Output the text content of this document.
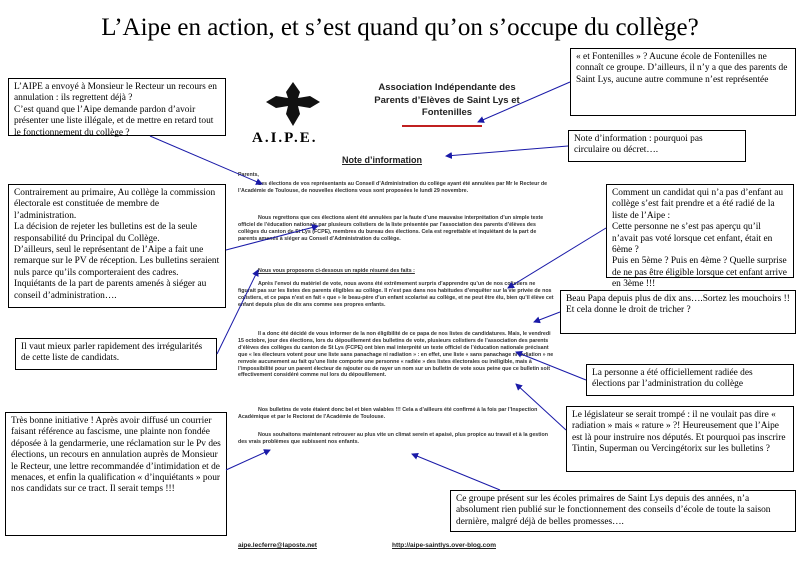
L’Aipe en action, et s’est quand qu’on s’occupe du collège?
A.I.P.E.
Association Indépendante des
Parents d’Elèves de Saint Lys et
Fontenilles
Note d’information
Parents,
Les élections de vos représentants au Conseil d’Administration du collège ayant été annulées par Mr le Recteur de l’Académie de Toulouse, de nouvelles élections vous sont proposées le lundi 29 novembre.
Nous regrettons que ces élections aient été annulées par la faute d’une mauvaise interprétation d’un simple texte officiel de l’éducation nationale par plusieurs colistiers de la liste présentée par l’association des parents d’élèves des collèges du canton de St Lys (FCPE), membres du bureau des élections. Cela est regrettable et inquiétant de la part de parents amenés à siéger au Conseil d’Administration du collège.
Nous vous proposons ci-dessous un rapide résumé des faits :
Après l’envoi du matériel de vote, nous avons été extrêmement surpris d’apprendre qu’un de nos colistiers ne figurait pas sur les listes des parents éligibles au collège. Il n’est pas dans nos habitudes d’enquêter sur la vie privée de nos colistiers, et ce papa n’est en fait « que » le beau-père d’un enfant scolarisé au collège, et ne peut être élu, bien qu’il élève cet enfant depuis plus de dix ans comme ses propres enfants.
Il a donc été décidé de vous informer de la non éligibilité de ce papa de nos listes de candidatures. Mais, le vendredi 15 octobre, jour des élections, lors du dépouillement des bulletins de vote, plusieurs colistiers de l’association des parents d’élèves des collèges du canton de St Lys (FCPE) ont bien mal interprété un texte officiel de l’éducation nationale précisant que « les électeurs votent pour une liste sans panachage ni radiation » : en effet, une liste « sans panachage ni radiation » ne renvoie aucunement au fait qu’une liste comporte une personne « radiée » des listes électorales ou inéligible, mais à l’impossibilité pour un parent électeur de rajouter ou de rayer un nom sur un bulletin de vote sous peine que ce bulletin soit effectivement considéré comme nul lors du dépouillement.
Nos bulletins de vote étaient donc bel et bien valables !!! Cela a d’ailleurs été confirmé à la fois par l’Inspection Académique et par le Rectorat de l’Académie de Toulouse.
Nous souhaitons maintenant retrouver au plus vite un climat serein et apaisé, plus propice au travail et à la gestion des vrais problèmes que subissent nos enfants.
aipe.lecferre@laposte.net	http://aipe-saintlys.over-blog.com
L’AIPE a envoyé à Monsieur le Recteur un recours en annulation : ils regrettent déjà ?
C’est quand que l’Aipe demande pardon d’avoir présenter une liste illégale, et de mettre en retard tout le fonctionnement du collège ?
Contrairement au primaire, Au collège la commission électorale est constituée de membre de l’administration.
La décision de rejeter les bulletins est de la seule responsabilité du Principal du Collège.
D’ailleurs, seul le représentant de l’Aipe a fait une remarque sur le PV de réception. Les bulletins seraient nuls parce qu’ils comporteraient des cadres. Inquiétants de la part de parents amenés à siéger au conseil d’administration….
Il vaut mieux parler rapidement des irrégularités de cette liste de candidats.
Très bonne initiative ! Après avoir diffusé un courrier faisant référence au fascisme, une plainte non fondée déposée à la gendarmerie, une réclamation sur le Pv des élections, un recours en annulation auprès de Monsieur le Recteur, une lettre recommandée d’intimidation et de menaces, et enfin la qualification « d’inquiétants » pour nos candidats sur ce tract. Il serait temps !!!
« et Fontenilles » ? Aucune école de Fontenilles ne connaît ce groupe. D’ailleurs, il n’y a que des parents de Saint Lys, aucune autre commune n’est représentée
Note d’information : pourquoi pas circulaire ou décret….
Comment un candidat qui n’a pas d’enfant au collège s’est fait prendre et a été radié de la liste de l’Aipe :
Cette personne ne s’est pas aperçu qu’il n’avait pas voté lorsque cet enfant, était en 6ème ?
Puis en 5ème ? Puis en 4ème ? Quelle surprise de ne pas être éligible lorsque cet enfant arrive en 3ème !!!
Beau Papa depuis plus de dix ans….Sortez les mouchoirs !!
Et cela donne le droit de tricher ?
La personne a été officiellement radiée des élections par l’administration du collège
Le législateur se serait trompé : il ne voulait pas dire « radiation » mais « rature » ?! Heureusement que l’Aipe est là pour instruire nos députés. Et pourquoi pas inscrire Tintin, Superman ou Vercingétorix sur les bulletins ?
Ce groupe présent sur les écoles primaires de Saint Lys depuis des années, n’a absolument rien publié sur le fonctionnement des conseils d’école de toute la saison dernière, malgré déjà de belles promesses….
